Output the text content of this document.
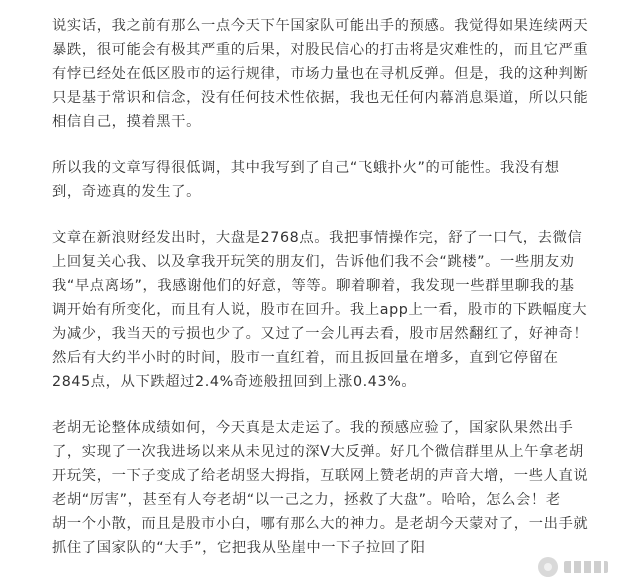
说实话，我之前有那么一点今天下午国家队可能出手的预感。我觉得如果连续两天
暴跌，很可能会有极其严重的后果，对股民信心的打击将是灾难性的，而且它严重
有悖已经处在低区股市的运行规律，市场力量也在寻机反弹。但是，我的这种判断
只是基于常识和信念，没有任何技术性依据，我也无任何内幕消息渠道，所以只能
相信自己，摸着黑干。

所以我的文章写得很低调，其中我写到了自己“飞蛾扑火”的可能性。我没有想
到，奇迹真的发生了。

文章在新浪财经发出时，大盘是2768点。我把事情操作完，舒了一口气，去微信
上回复关心我、以及拿我开玩笑的朋友们，告诉他们我不会“跳楼”。一些朋友劝
我“早点离场”，我感谢他们的好意，等等。聊着聊着，我发现一些群里聊我的基
调开始有所变化，而且有人说，股市在回升。我上app上一看，股市的下跌幅度大
为减少，我当天的亏损也少了。又过了一会儿再去看，股市居然翻红了，好神奇！
然后有大约半小时的时间，股市一直红着，而且扳回量在增多，直到它停留在
2845点，从下跌超过2.4%奇迹般扭回到上涨0.43%。

老胡无论整体成绩如何，今天真是太走运了。我的预感应验了，国家队果然出手
了，实现了一次我进场以来从未见过的深V大反弹。好几个微信群里从上午拿老胡
开玩笑，一下子变成了给老胡竖大拇指，互联网上赞老胡的声音大增，一些人直说
老胡“厉害”，甚至有人夸老胡“以一己之力，拯救了大盘”。哈哈，怎么会！老
胡一个小散，而且是股市小白，哪有那么大的神力。是老胡今天蒙对了，一出手就
抓住了国家队的“大手”，它把我从坠崖中一下子拉回了阳
